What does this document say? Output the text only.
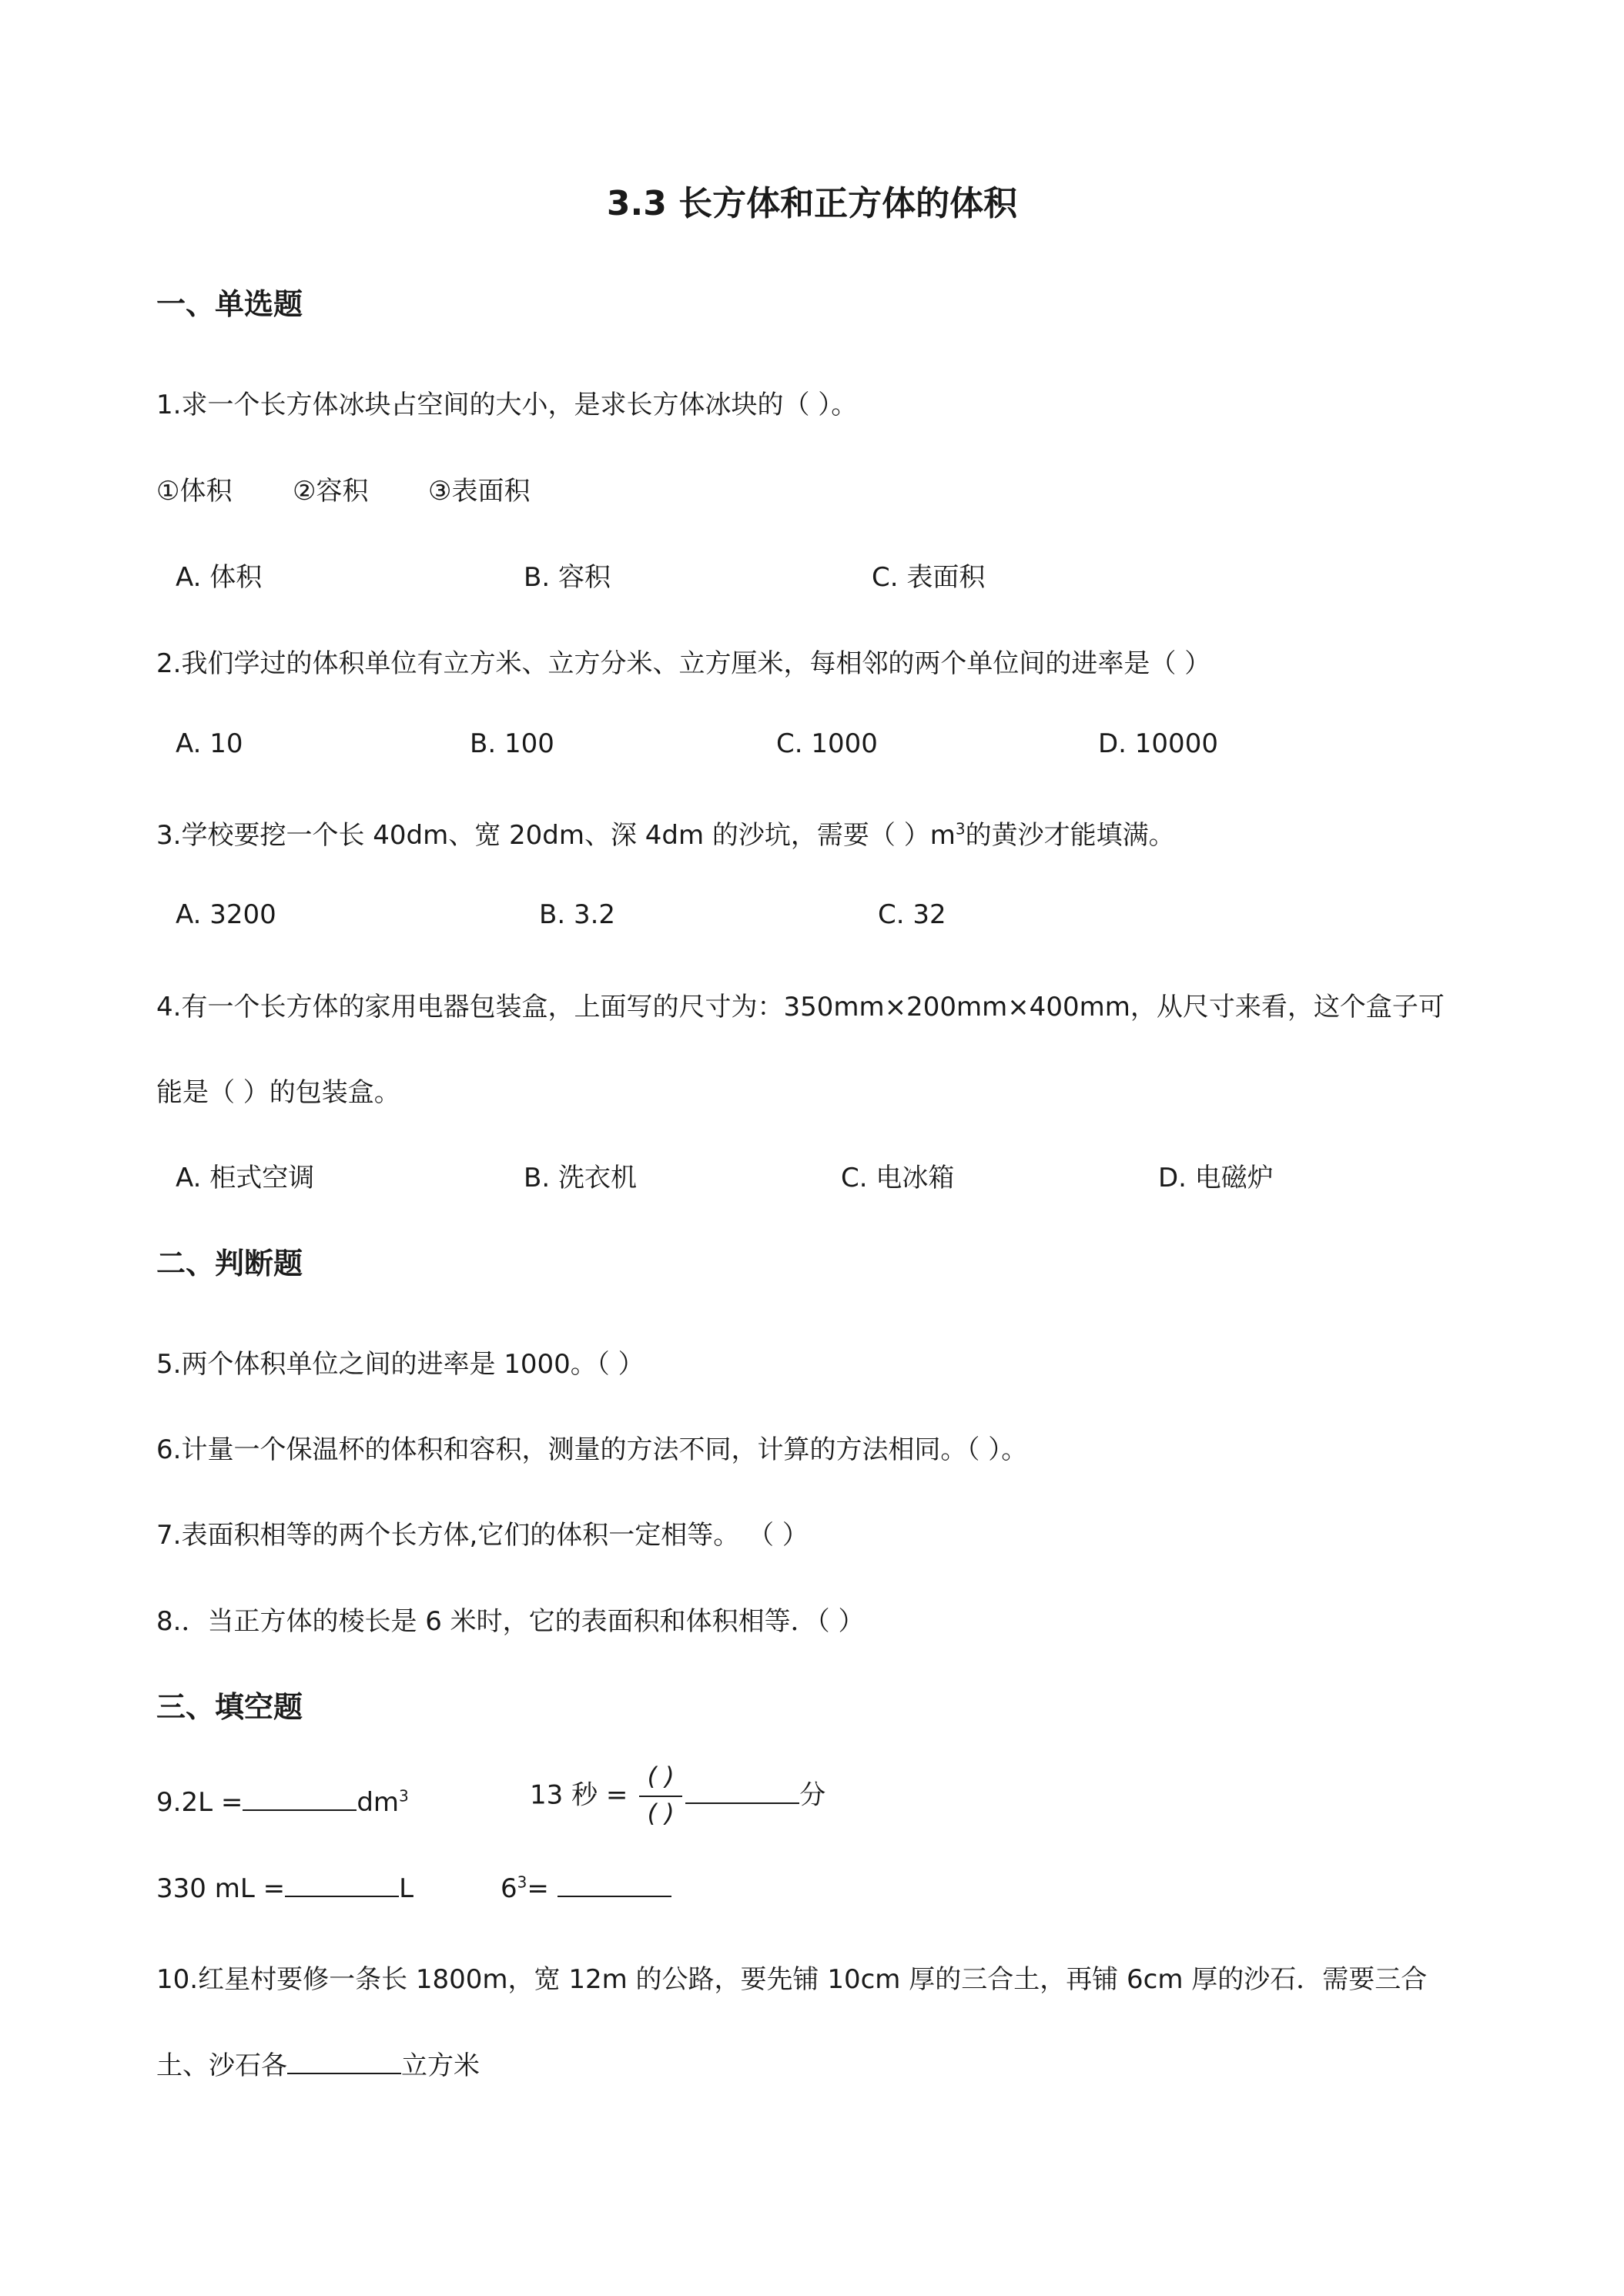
3.3 长方体和正方体的体积
一、单选题
1.求一个长方体冰块占空间的大小，是求长方体冰块的（ ）。
①体积 ②容积 ③表面积
A. 体积	B. 容积	C. 表面积
2.我们学过的体积单位有立方米、立方分米、立方厘米，每相邻的两个单位间的进率是（ ）
A. 10	B. 100	C. 1000	D. 10000
3.学校要挖一个长 40dm、宽 20dm、深 4dm 的沙坑，需要（ ）$m^3$的黄沙才能填满。
A. 3200	B. 3.2	C. 32
4.有一个长方体的家用电器包装盒，上面写的尺寸为：350mm×200mm×400mm，从尺寸来看，这个盒子可
能是（ ）的包装盒。
A. 柜式空调	B. 洗衣机	C. 电冰箱	D. 电磁炉
二、判断题
5.两个体积单位之间的进率是 1000。（ ）
6.计量一个保温杯的体积和容积，测量的方法不同，计算的方法相同。（ ）。
7.表面积相等的两个长方体,它们的体积一定相等。 （ ）
8.．当正方体的棱长是 6 米时，它的表面积和体积相等．（ ）
三、填空题
9.2L =	$dm^3$	13 秒 = $\frac{( )}{( )}$	分
330 mL =	L	$6^3=$
10.红星村要修一条长 1800m，宽 12m 的公路，要先铺 10cm 厚的三合土，再铺 6cm 厚的沙石．需要三合
土、沙石各	立方米
